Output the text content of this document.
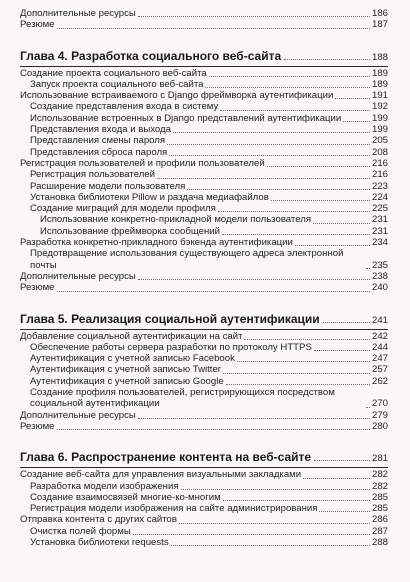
Дополнительные ресурсы	186
Резюме	187
Глава 4. Разработка социального веб-сайта	188
Создание проекта социального веб-сайта	189
Запуск проекта социального веб-сайта	189
Использование встраиваемого с Django фреймворка аутентификации	191
Создание представления входа в систему	192
Использование встроенных в Django представлений аутентификации	199
Представления входа и выхода	199
Представления смены пароля	205
Представления сброса пароля	208
Регистрация пользователей и профили пользователей	216
Регистрация пользователей	216
Расширение модели пользователя	223
Установка библиотеки Pillow и раздача медиафайлов	224
Создание миграций для модели профиля	225
Использование конкретно-прикладной модели пользователя	231
Использование фреймворка сообщений	231
Разработка конкретно-прикладного бэкенда аутентификации	234
Предотвращение использования существующего адреса электронной почты	235
Дополнительные ресурсы	238
Резюме	240
Глава 5. Реализация социальной аутентификации	241
Добавление социальной аутентификации на сайт	242
Обеспечение работы сервера разработки по протоколу HTTPS	244
Аутентификация с учетной записью Facebook	247
Аутентификация с учетной записью Twitter	257
Аутентификация с учетной записью Google	262
Создание профиля пользователей, регистрирующихся посредством социальной аутентификации	270
Дополнительные ресурсы	279
Резюме	280
Глава 6. Распространение контента на веб-сайте	281
Создание веб-сайта для управления визуальными закладками	282
Разработка модели изображения	282
Создание взаимосвязей многие-ко-многим	285
Регистрация модели изображения на сайте администрирования	285
Отправка контента с других сайтов	286
Очистка полей формы	287
Установка библиотеки requests	288
